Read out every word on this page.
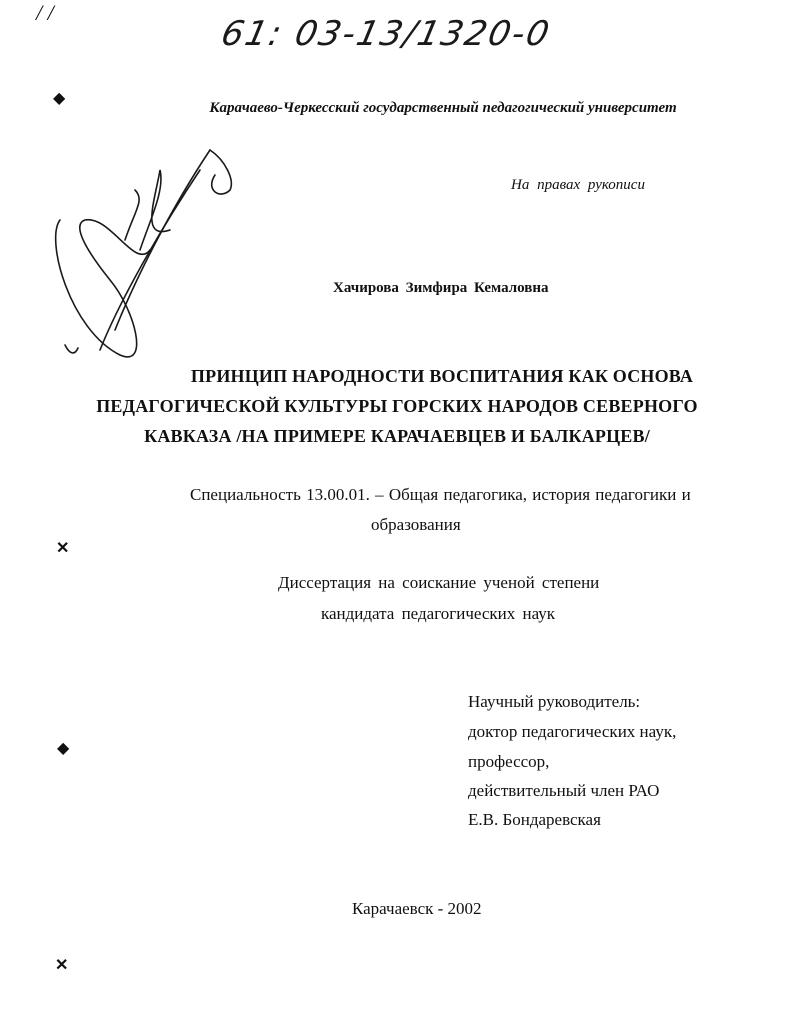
61: 03-13/1320-0
/ /
◆
✕
◆
✕
Карачаево-Черкесский государственный педагогический университет
На правах рукописи
Хачирова Зимфира Кемаловна
ПРИНЦИП НАРОДНОСТИ ВОСПИТАНИЯ КАК ОСНОВА
ПЕДАГОГИЧЕСКОЙ КУЛЬТУРЫ ГОРСКИХ НАРОДОВ СЕВЕРНОГО
КАВКАЗА /НА ПРИМЕРЕ КАРАЧАЕВЦЕВ И БАЛКАРЦЕВ/
Специальность 13.00.01. – Общая педагогика, история педагогики и
образования
Диссертация на соискание ученой степени
кандидата педагогических наук
Научный руководитель:
доктор педагогических наук,
профессор,
действительный член РАО
Е.В. Бондаревская
Карачаевск - 2002
